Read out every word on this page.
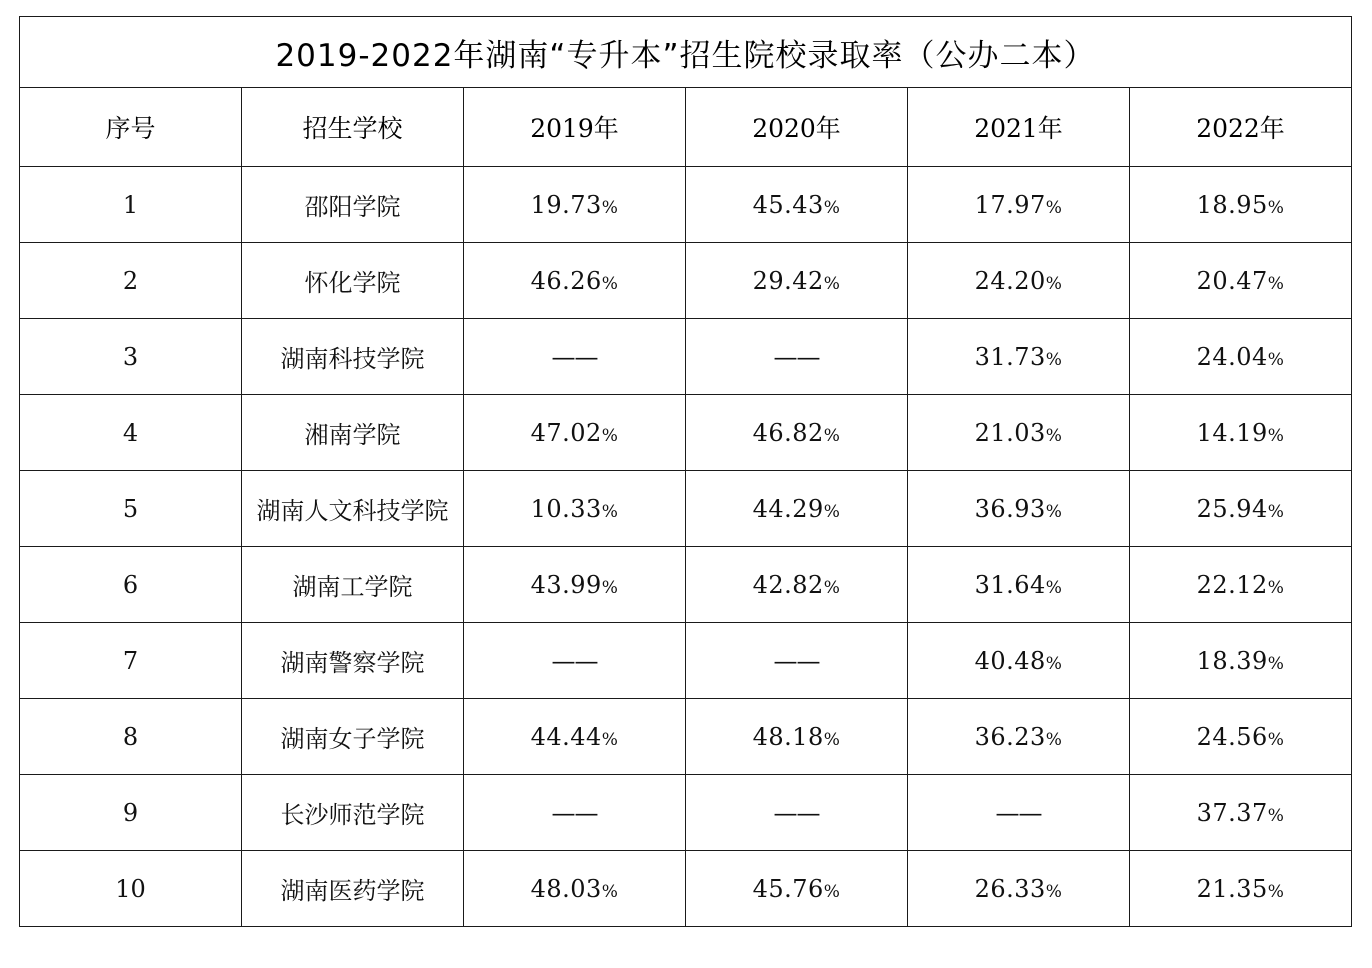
2019-2022年湖南“专升本”招生院校录取率（公办二本）					
序号	招生学校	2019年	2020年	2021年	2022年
1	邵阳学院	19.73%	45.43%	17.97%	18.95%
2	怀化学院	46.26%	29.42%	24.20%	20.47%
3	湖南科技学院	——	——	31.73%	24.04%
4	湘南学院	47.02%	46.82%	21.03%	14.19%
5	湖南人文科技学院	10.33%	44.29%	36.93%	25.94%
6	湖南工学院	43.99%	42.82%	31.64%	22.12%
7	湖南警察学院	——	——	40.48%	18.39%
8	湖南女子学院	44.44%	48.18%	36.23%	24.56%
9	长沙师范学院	——	——	——	37.37%
10	湖南医药学院	48.03%	45.76%	26.33%	21.35%
